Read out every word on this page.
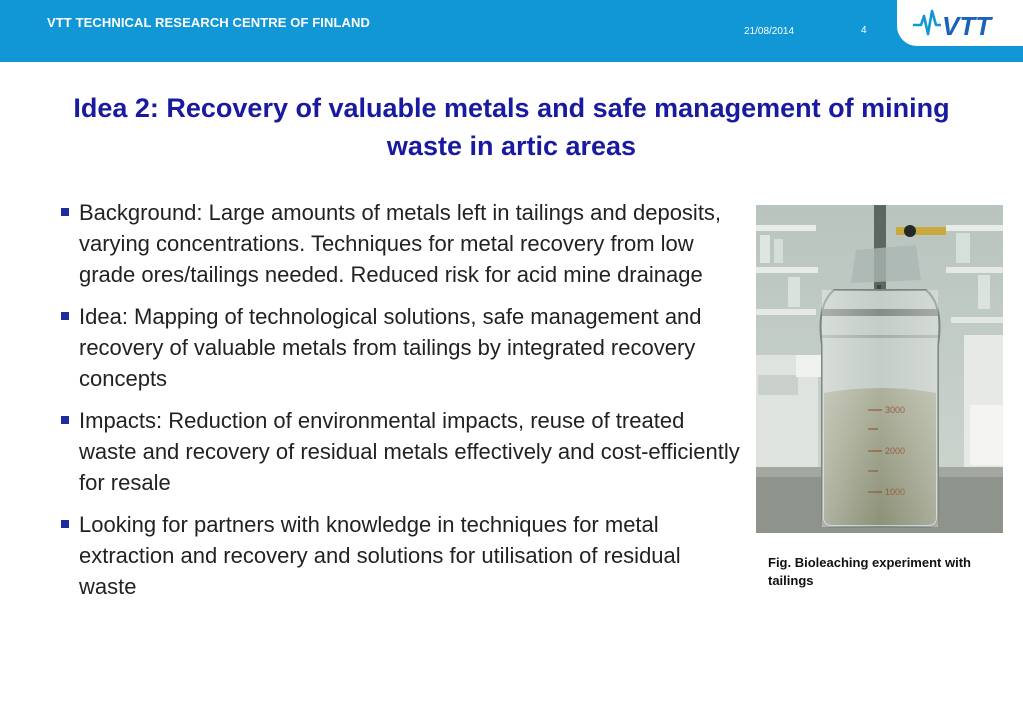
VTT TECHNICAL RESEARCH CENTRE OF FINLAND
21/08/2014	4	VTT
Idea 2: Recovery of valuable metals and safe management of mining waste in artic areas
Background: Large amounts of metals left in tailings and deposits, varying concentrations. Techniques for metal recovery from low grade ores/tailings needed. Reduced risk for acid mine drainage
Idea: Mapping of technological solutions, safe management and recovery of valuable metals from tailings by integrated recovery concepts
Impacts: Reduction of environmental impacts, reuse of treated waste and recovery of residual metals effectively and cost-efficiently for resale
Looking for partners with knowledge in techniques for metal extraction and recovery and solutions for utilisation of residual waste
Fig. Bioleaching experiment with tailings
